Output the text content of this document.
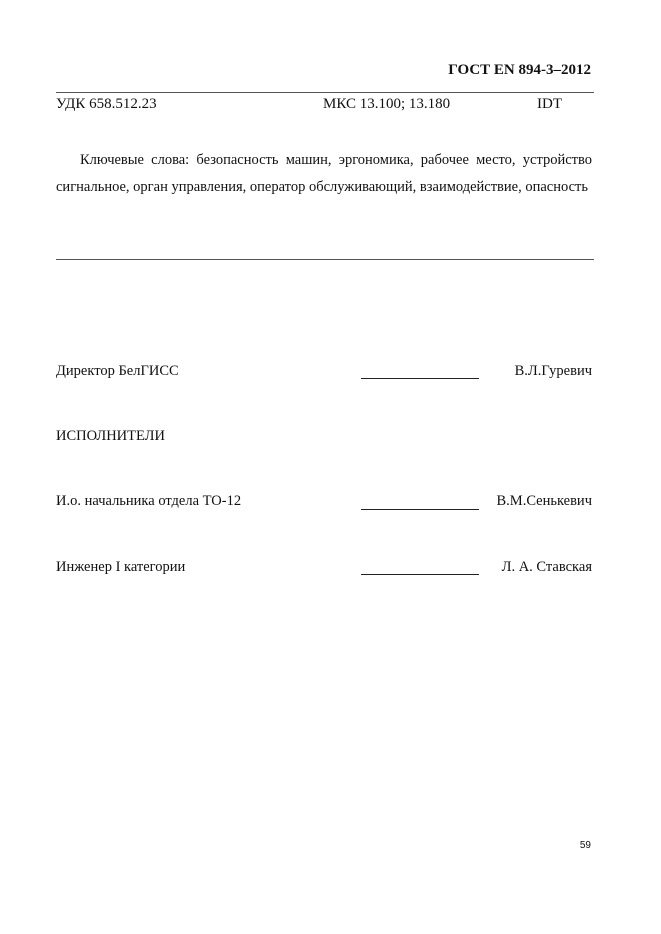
ГОСТ EN 894-3–2012
УДК 658.512.23	МКС 13.100; 13.180	IDT
Ключевые слова: безопасность машин, эргономика, рабочее место, устройство сигнальное, орган управления, оператор обслуживающий, взаимодействие, опасность
Директор БелГИСС	В.Л.Гуревич
ИСПОЛНИТЕЛИ
И.о. начальника отдела ТО-12	В.М.Сенькевич
Инженер I категории	Л. А. Ставская
59
